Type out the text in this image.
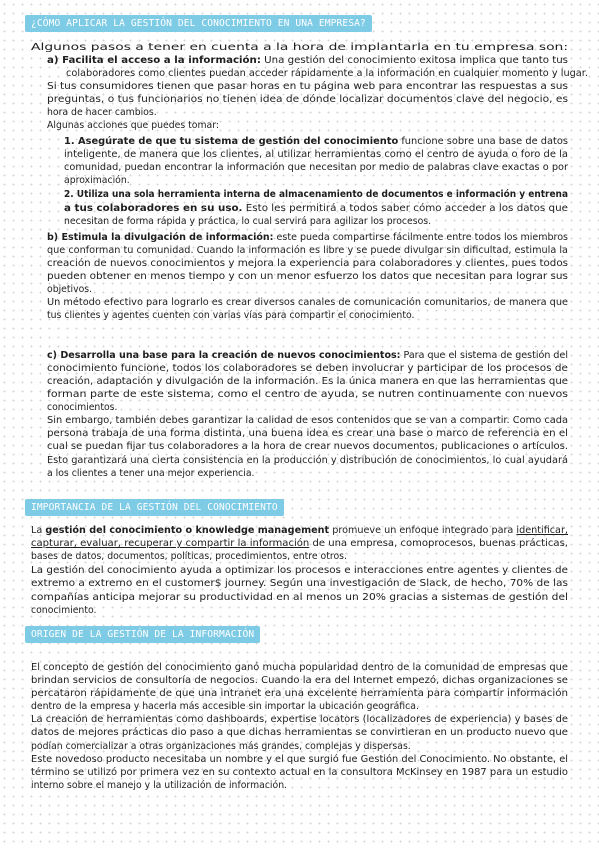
¿CÓMO APLICAR LA GESTIÓN DEL CONOCIMIENTO EN UNA EMPRESA?
Algunos pasos a tener en cuenta a la hora de implantarla en tu empresa son:
a) Facilita el acceso a la información: Una gestión del conocimiento exitosa implica que tanto tus
colaboradores como clientes puedan acceder rápidamente a la información en cualquier momento y lugar.
Si tus consumidores tienen que pasar horas en tu página web para encontrar las respuestas a sus
preguntas, o tus funcionarios no tienen idea de dónde localizar documentos clave del negocio, es
hora de hacer cambios.
Algunas acciones que puedes tomar:
1. Asegúrate de que tu sistema de gestión del conocimiento funcione sobre una base de datos
inteligente, de manera que los clientes, al utilizar herramientas como el centro de ayuda o foro de la
comunidad, puedan encontrar la información que necesitan por medio de palabras clave exactas o por
aproximación.
2. Utiliza una sola herramienta interna de almacenamiento de documentos e información y entrena
a tus colaboradores en su uso. Esto les permitirá a todos saber cómo acceder a los datos que
necesitan de forma rápida y práctica, lo cual servirá para agilizar los procesos.
b) Estimula la divulgación de información: este pueda compartirse fácilmente entre todos los miembros
que conforman tu comunidad. Cuando la información es libre y se puede divulgar sin dificultad, estimula la
creación de nuevos conocimientos y mejora la experiencia para colaboradores y clientes, pues todos
pueden obtener en menos tiempo y con un menor esfuerzo los datos que necesitan para lograr sus
objetivos.
Un método efectivo para lograrlo es crear diversos canales de comunicación comunitarios, de manera que
tus clientes y agentes cuenten con varias vías para compartir el conocimiento.
c) Desarrolla una base para la creación de nuevos conocimientos: Para que el sistema de gestión del
conocimiento funcione, todos los colaboradores se deben involucrar y participar de los procesos de
creación, adaptación y divulgación de la información. Es la única manera en que las herramientas que
forman parte de este sistema, como el centro de ayuda, se nutren continuamente con nuevos
conocimientos.
Sin embargo, también debes garantizar la calidad de esos contenidos que se van a compartir. Como cada
persona trabaja de una forma distinta, una buena idea es crear una base o marco de referencia en el
cual se puedan fijar tus colaboradores a la hora de crear nuevos documentos, publicaciones o artículos.
Esto garantizará una cierta consistencia en la producción y distribución de conocimientos, lo cual ayudará
a los clientes a tener una mejor experiencia.
IMPORTANCIA DE LA GESTIÓN DEL CONOCIMIENTO
La gestión del conocimiento o knowledge management promueve un enfoque integrado para identificar,
capturar, evaluar, recuperar y compartir la información de una empresa, comoprocesos, buenas prácticas,
bases de datos, documentos, políticas, procedimientos, entre otros.
La gestión del conocimiento ayuda a optimizar los procesos e interacciones entre agentes y clientes de
extremo a extremo en el customer$ journey. Según una investigación de Slack, de hecho, 70% de las
compañías anticipa mejorar su productividad en al menos un 20% gracias a sistemas de gestión del
conocimiento.
ORIGEN DE LA GESTIÓN DE LA INFORMACIÓN
El concepto de gestión del conocimiento ganó mucha popularidad dentro de la comunidad de empresas que
brindan servicios de consultoría de negocios. Cuando la era del Internet empezó, dichas organizaciones se
percataron rápidamente de que una intranet era una excelente herramienta para compartir información
dentro de la empresa y hacerla más accesible sin importar la ubicación geográfica.
La creación de herramientas como dashboards, expertise locators (localizadores de experiencia) y bases de
datos de mejores prácticas dio paso a que dichas herramientas se convirtieran en un producto nuevo que
podían comercializar a otras organizaciones más grandes, complejas y dispersas.
Este novedoso producto necesitaba un nombre y el que surgió fue Gestión del Conocimiento. No obstante, el
término se utilizó por primera vez en su contexto actual en la consultora McKinsey en 1987 para un estudio
interno sobre el manejo y la utilización de información.
